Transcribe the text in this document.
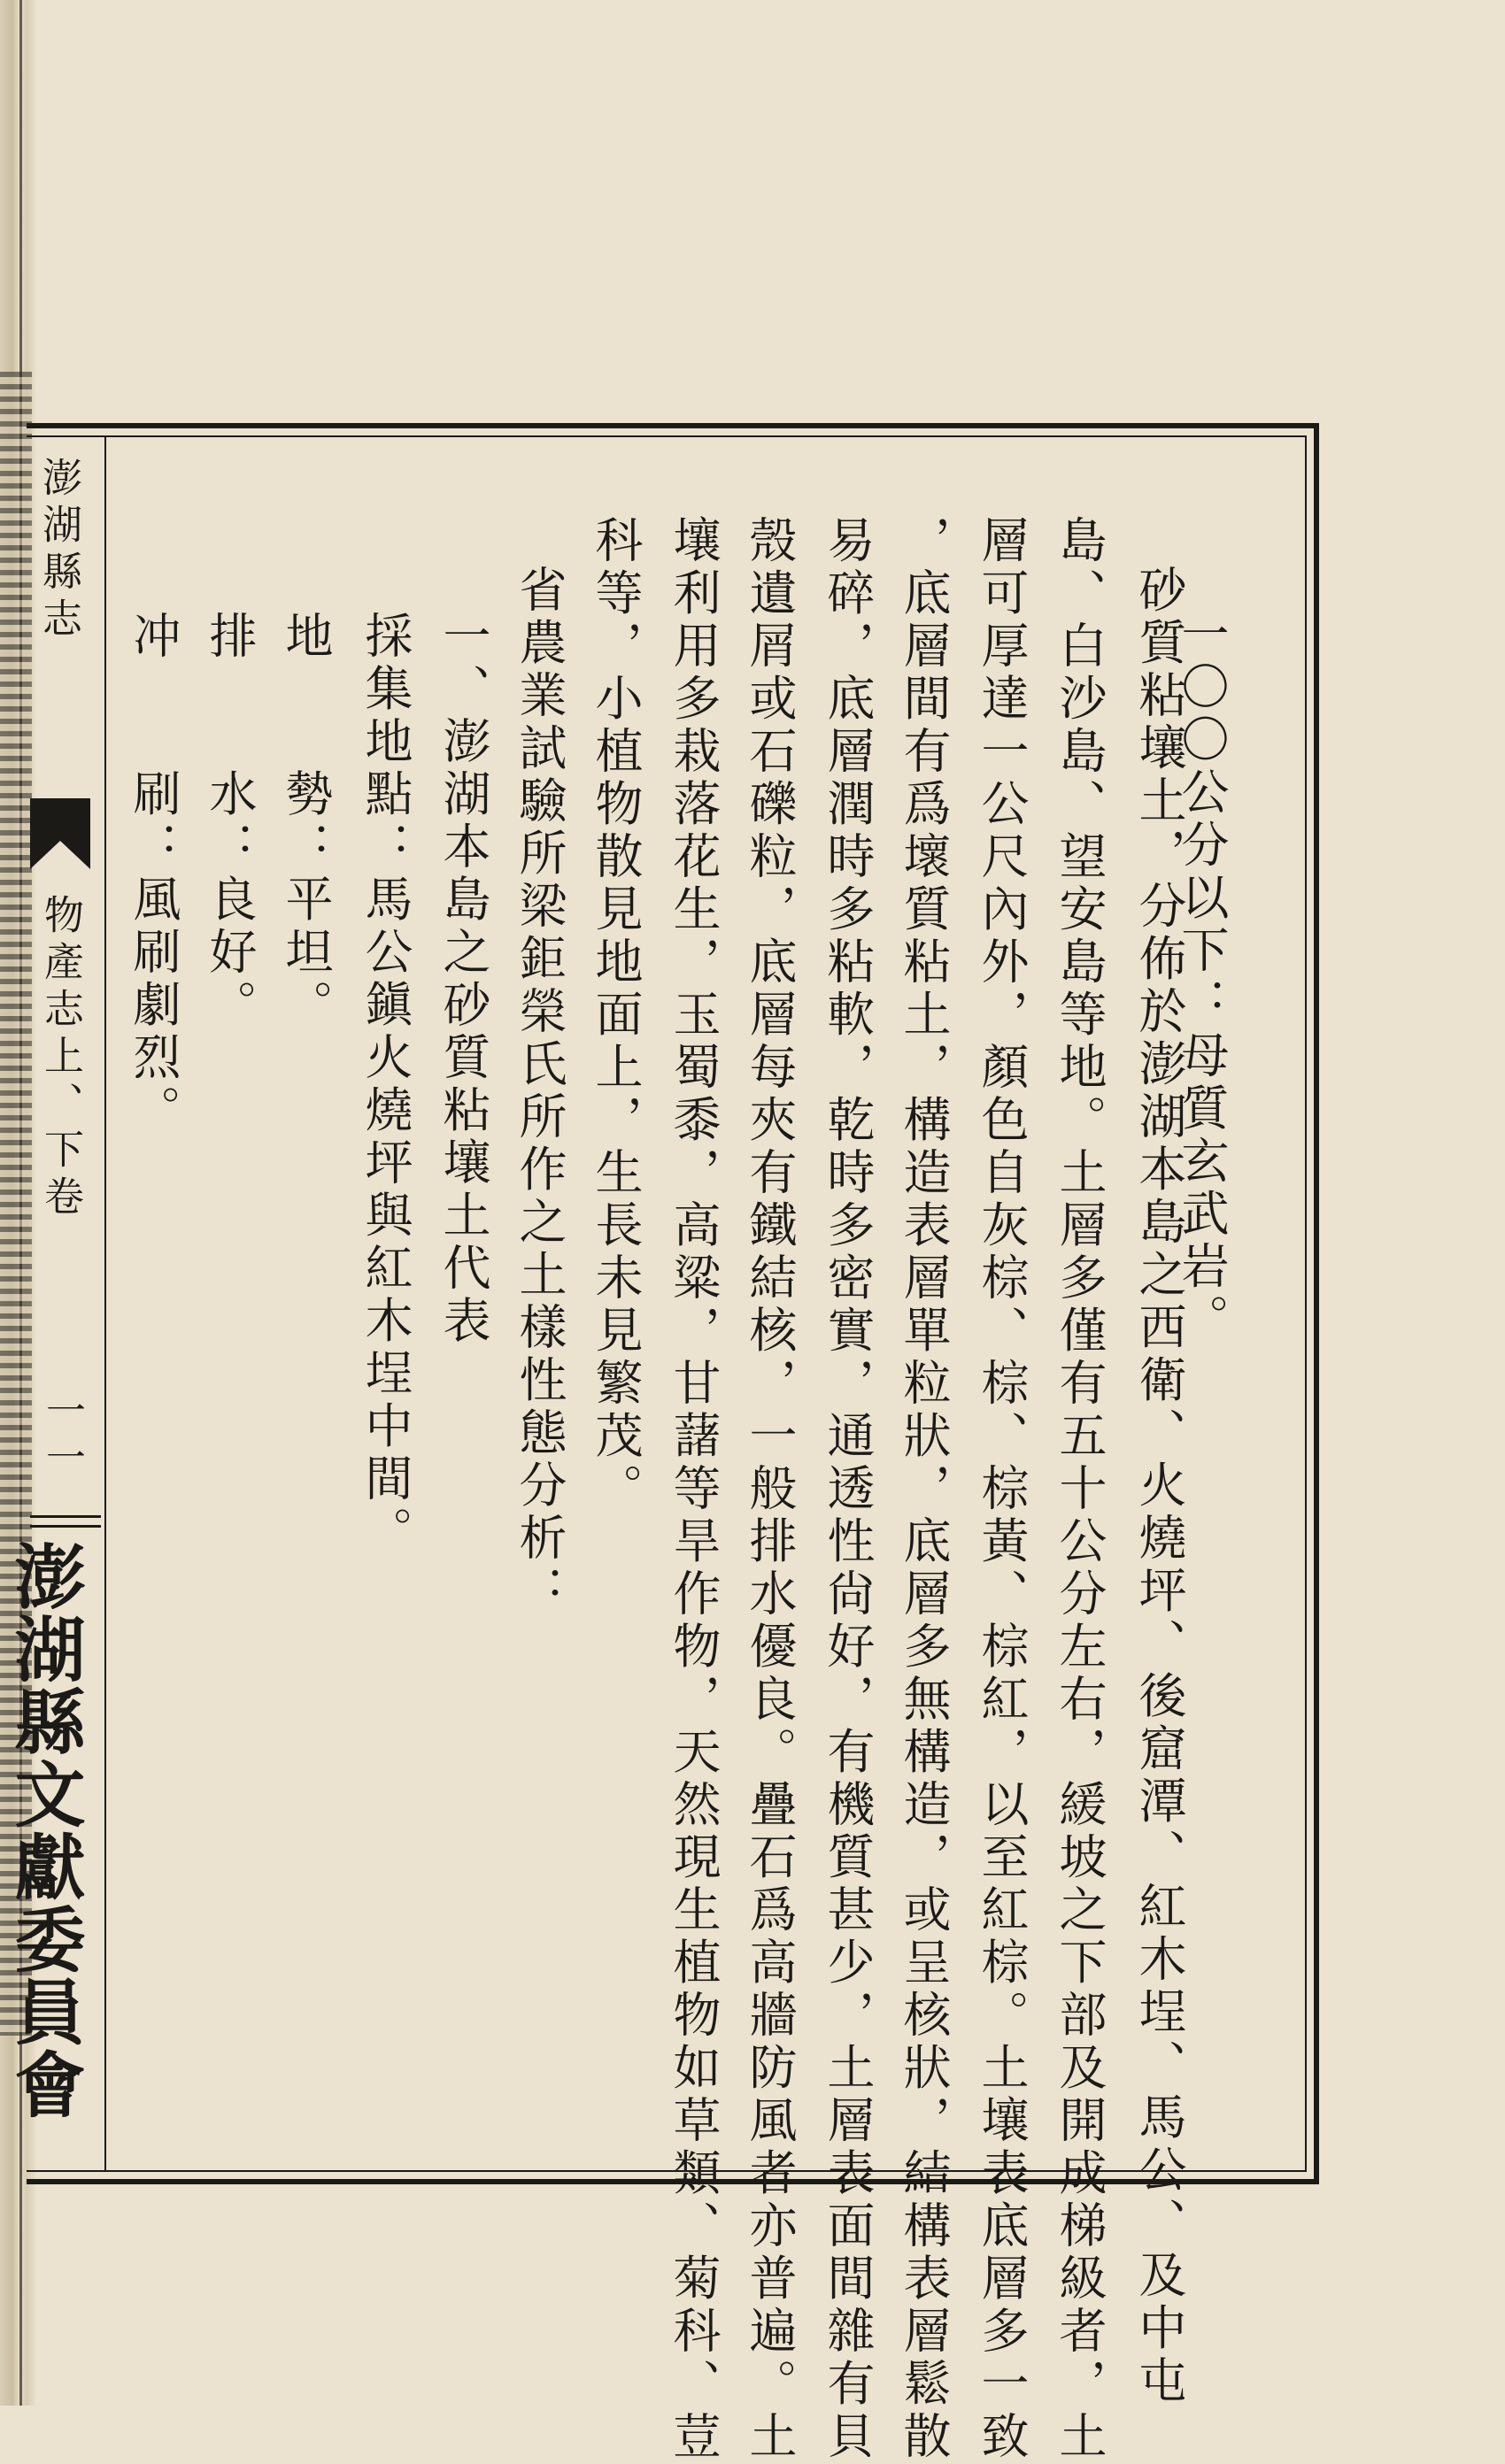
澎湖縣志
物產志上、下卷
一一
澎湖縣文獻委員會
一〇〇公分以下：母質玄武岩。
砂質粘壤土，分佈於澎湖本島之西衛、火燒坪、後窟潭、紅木埕、馬公、及中屯
島、白沙島、望安島等地。土層多僅有五十公分左右，緩坡之下部及開成梯級者，土
層可厚達一公尺內外，顏色自灰棕、棕、棕黃、棕紅，以至紅棕。土壤表底層多一致
，底層間有爲壞質粘土，構造表層單粒狀，底層多無構造，或呈核狀，結構表層鬆散
易碎，底層潤時多粘軟，乾時多密實，通透性尙好，有機質甚少，土層表面間雜有貝
殼遺屑或石礫粒，底層每夾有鐵結核，一般排水優良。疊石爲高牆防風者亦普遍。土
壤利用多栽落花生，玉蜀黍，高粱，甘藷等旱作物，天然現生植物如草類、菊科、荳
科等，小植物散見地面上，生長未見繁茂。
省農業試驗所梁鉅榮氏所作之土樣性態分析：
一、澎湖本島之砂質粘壤土代表
採集地點：馬公鎭火燒坪與紅木埕中間。
地　　勢：平坦。
排　　水：良好。
冲　　刷：風刷劇烈。
